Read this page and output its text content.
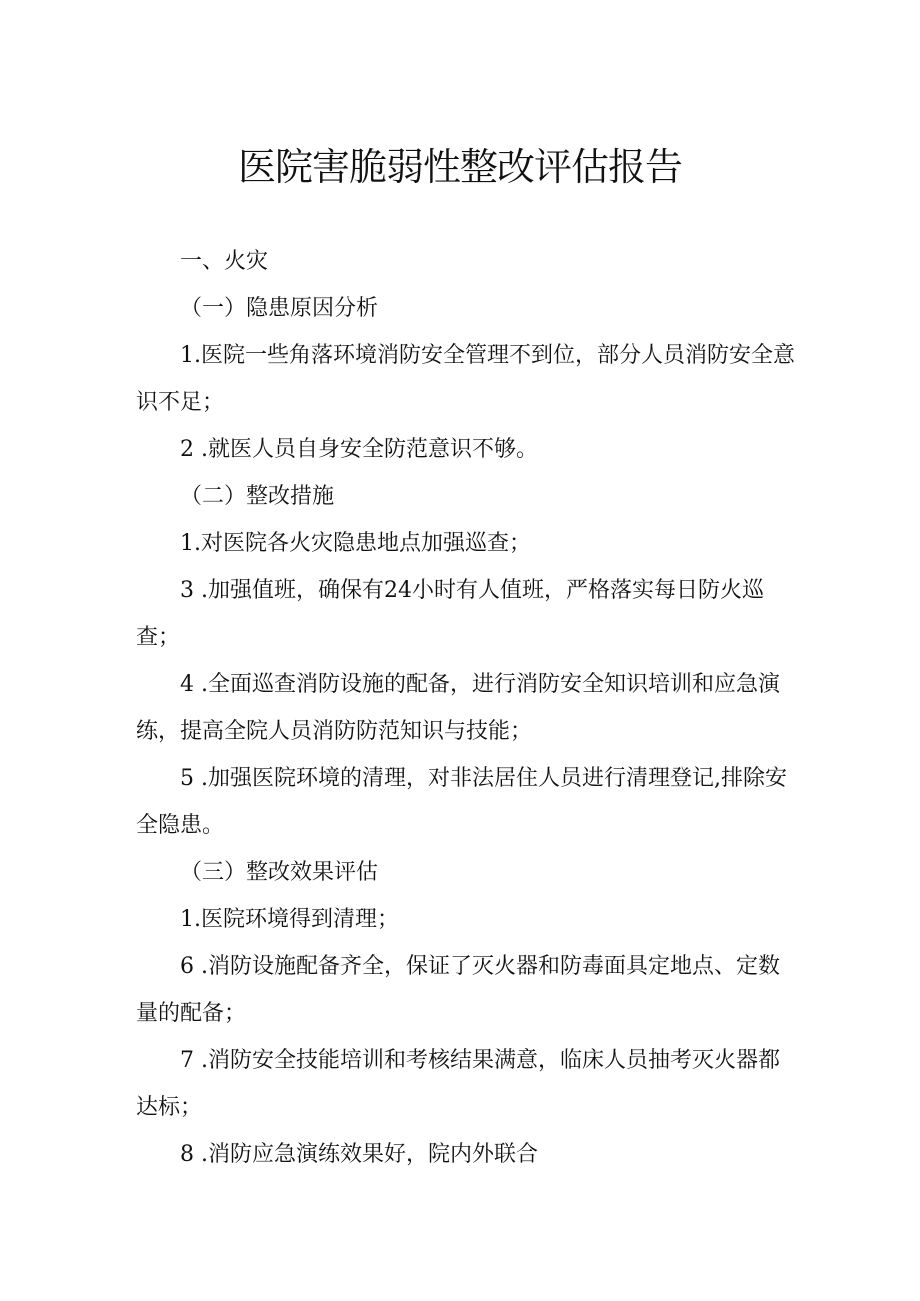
医院害脆弱性整改评估报告

一、火灾

（一）隐患原因分析

1.医院一些角落环境消防安全管理不到位，部分人员消防安全意识不足；

2 .就医人员自身安全防范意识不够。

（二）整改措施

1.对医院各火灾隐患地点加强巡查；

3 .加强值班，确保有24小时有人值班，严格落实每日防火巡查；

4 .全面巡查消防设施的配备，进行消防安全知识培训和应急演练，提高全院人员消防防范知识与技能；

5 .加强医院环境的清理，对非法居住人员进行清理登记,排除安全隐患。

（三）整改效果评估

1.医院环境得到清理；

6 .消防设施配备齐全，保证了灭火器和防毒面具定地点、定数量的配备；

7 .消防安全技能培训和考核结果满意，临床人员抽考灭火器都达标；

8 .消防应急演练效果好，院内外联合
